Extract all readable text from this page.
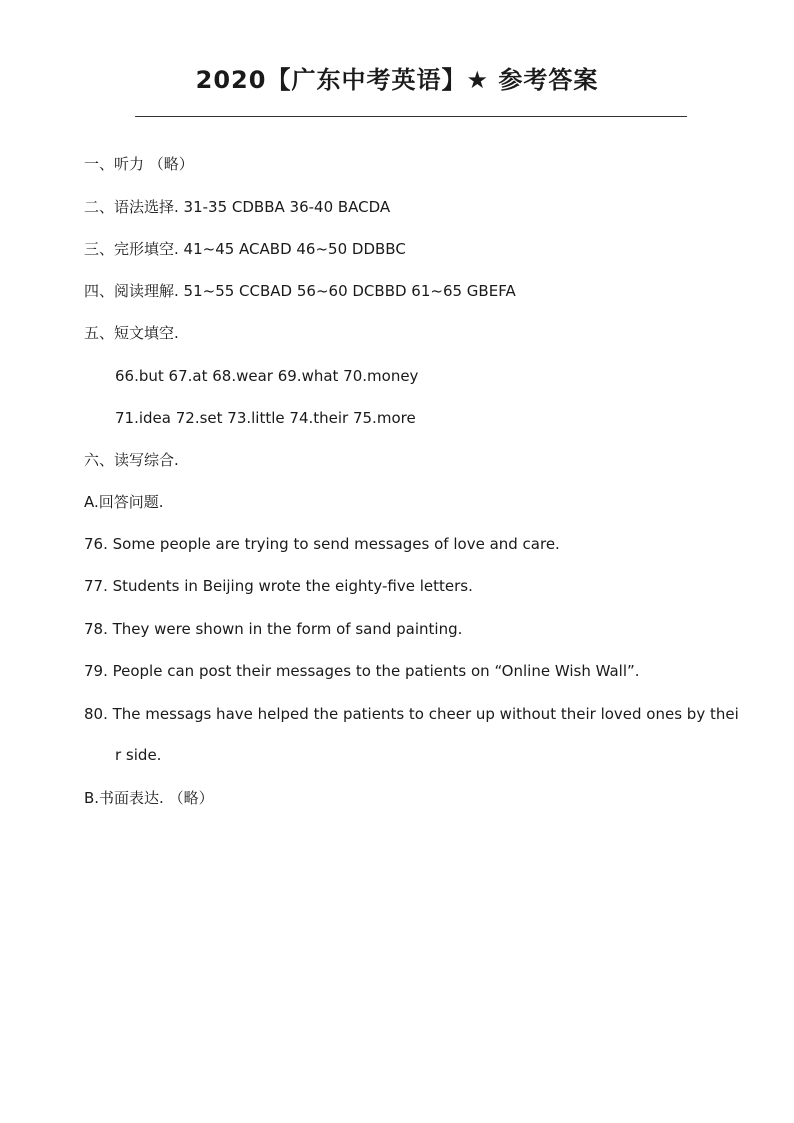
2020【广东中考英语】★ 参考答案
一、听力 （略）
二、语法选择. 31-35 CDBBA 36-40 BACDA
三、完形填空. 41~45 ACABD 46~50 DDBBC
四、阅读理解. 51~55 CCBAD 56~60 DCBBD 61~65 GBEFA
五、短文填空.
66.but 67.at 68.wear 69.what 70.money
71.idea 72.set 73.little 74.their 75.more
六、读写综合.
A.回答问题.
76. Some people are trying to send messages of love and care.
77. Students in Beijing wrote the eighty-five letters.
78. They were shown in the form of sand painting.
79. People can post their messages to the patients on “Online Wish Wall”.
80. The messags have helped the patients to cheer up without their loved ones by thei
r side.
B.书面表达. （略）
